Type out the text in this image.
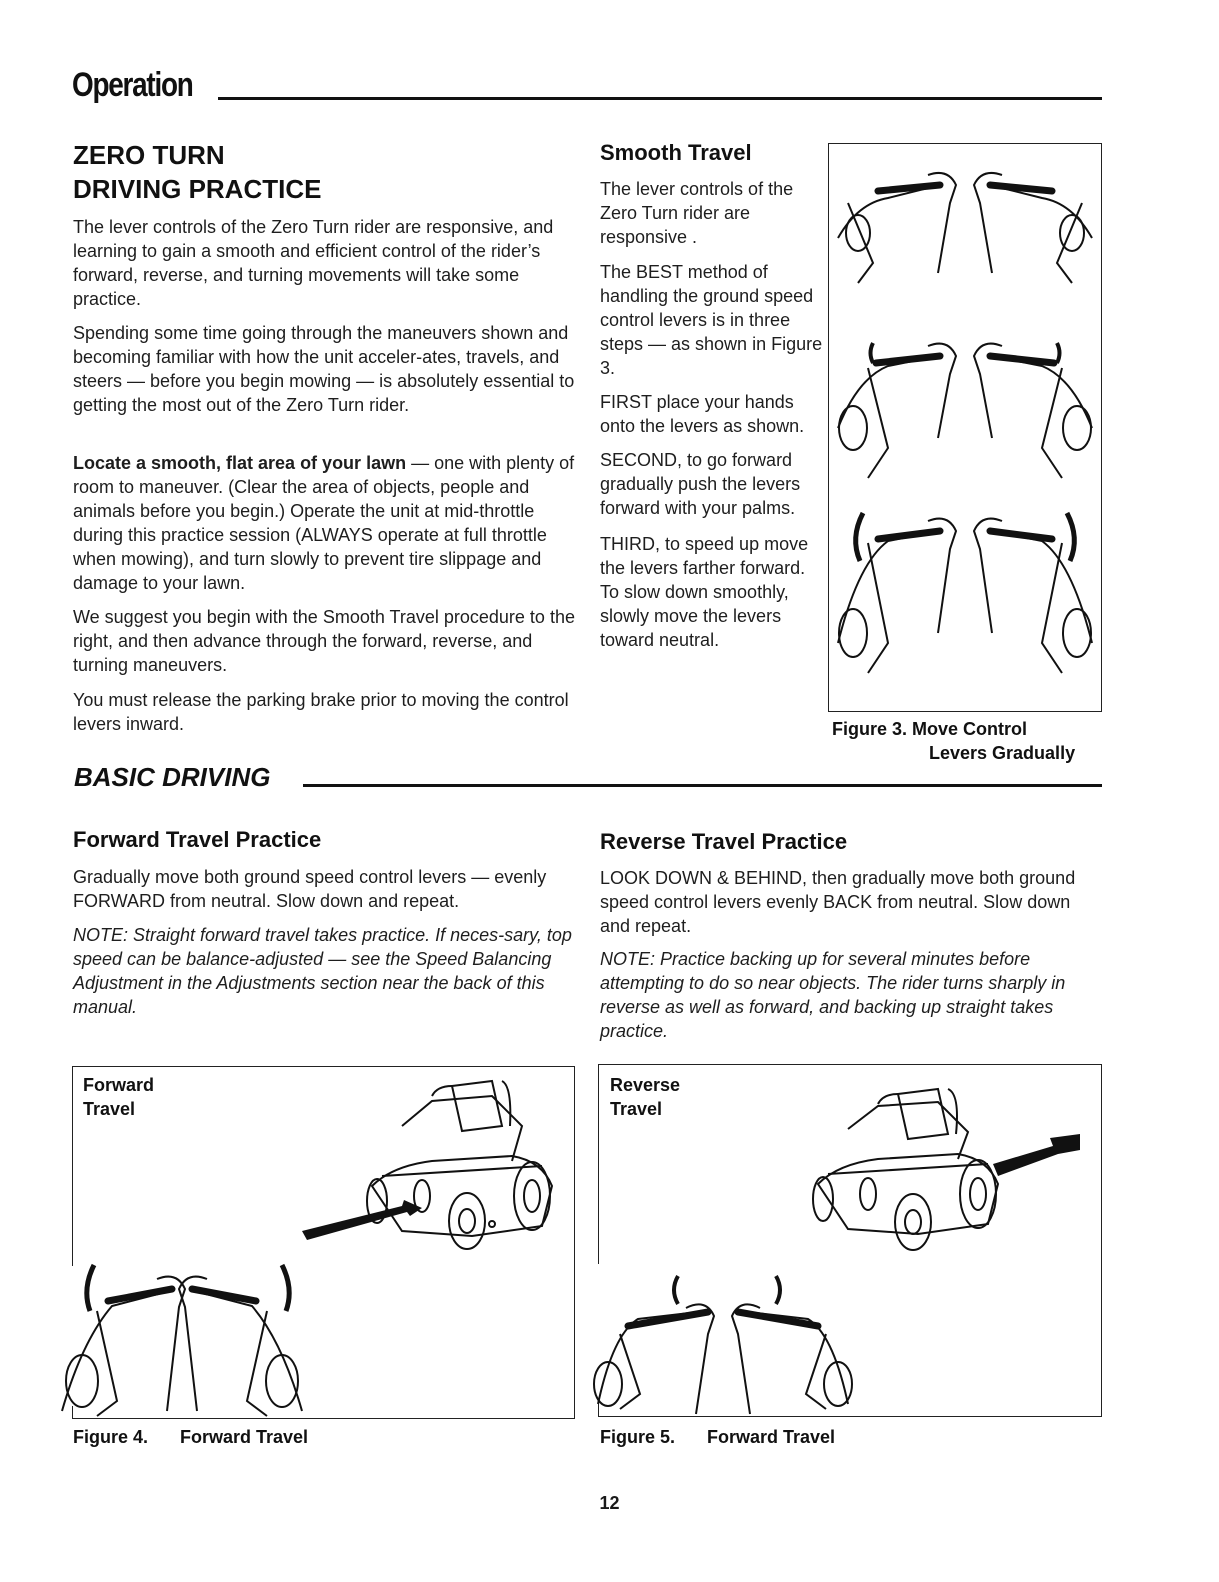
Operation
ZERO TURN
DRIVING PRACTICE
The lever controls of the Zero Turn rider are responsive, and learning to gain a smooth and efficient control of the rider’s forward, reverse, and turning movements will take some practice.
Spending some time going through the maneuvers shown and becoming familiar with how the unit acceler-ates, travels, and steers — before you begin mowing — is absolutely essential to getting the most out of the Zero Turn rider.
Locate a smooth, flat area of your lawn — one with plenty of room to maneuver. (Clear the area of objects, people and animals before you begin.) Operate the unit at mid-throttle during this practice session (ALWAYS operate at full throttle when mowing), and turn slowly to prevent tire slippage and damage to your lawn.
We suggest you begin with the Smooth Travel procedure to the right, and then advance through the forward, reverse, and turning maneuvers.
You must release the parking brake prior to moving the control levers inward.
Smooth Travel
The lever controls of the Zero Turn rider are responsive .
The BEST method of handling the ground speed control levers is in three steps — as shown in Figure 3.
FIRST place your hands onto the levers as shown.
SECOND, to go forward gradually push the levers forward with your palms.
THIRD, to speed up move the levers farther forward. To slow down smoothly, slowly move the levers toward neutral.
Figure 3. Move Control
Levers Gradually
BASIC DRIVING
Forward Travel Practice
Gradually move both ground speed control levers — evenly FORWARD from neutral. Slow down and repeat.
NOTE: Straight forward travel takes practice. If neces-sary, top speed can be balance-adjusted — see the Speed Balancing Adjustment in the Adjustments section near the back of this manual.
Reverse Travel Practice
LOOK DOWN & BEHIND, then gradually move both ground speed control levers evenly BACK from neutral. Slow down and repeat.
NOTE: Practice backing up for several minutes before attempting to do so near objects. The rider turns sharply in reverse as well as forward, and backing up straight takes practice.
Forward
Travel
Figure 4. Forward Travel
Reverse
Travel
Figure 5. Forward Travel
12
